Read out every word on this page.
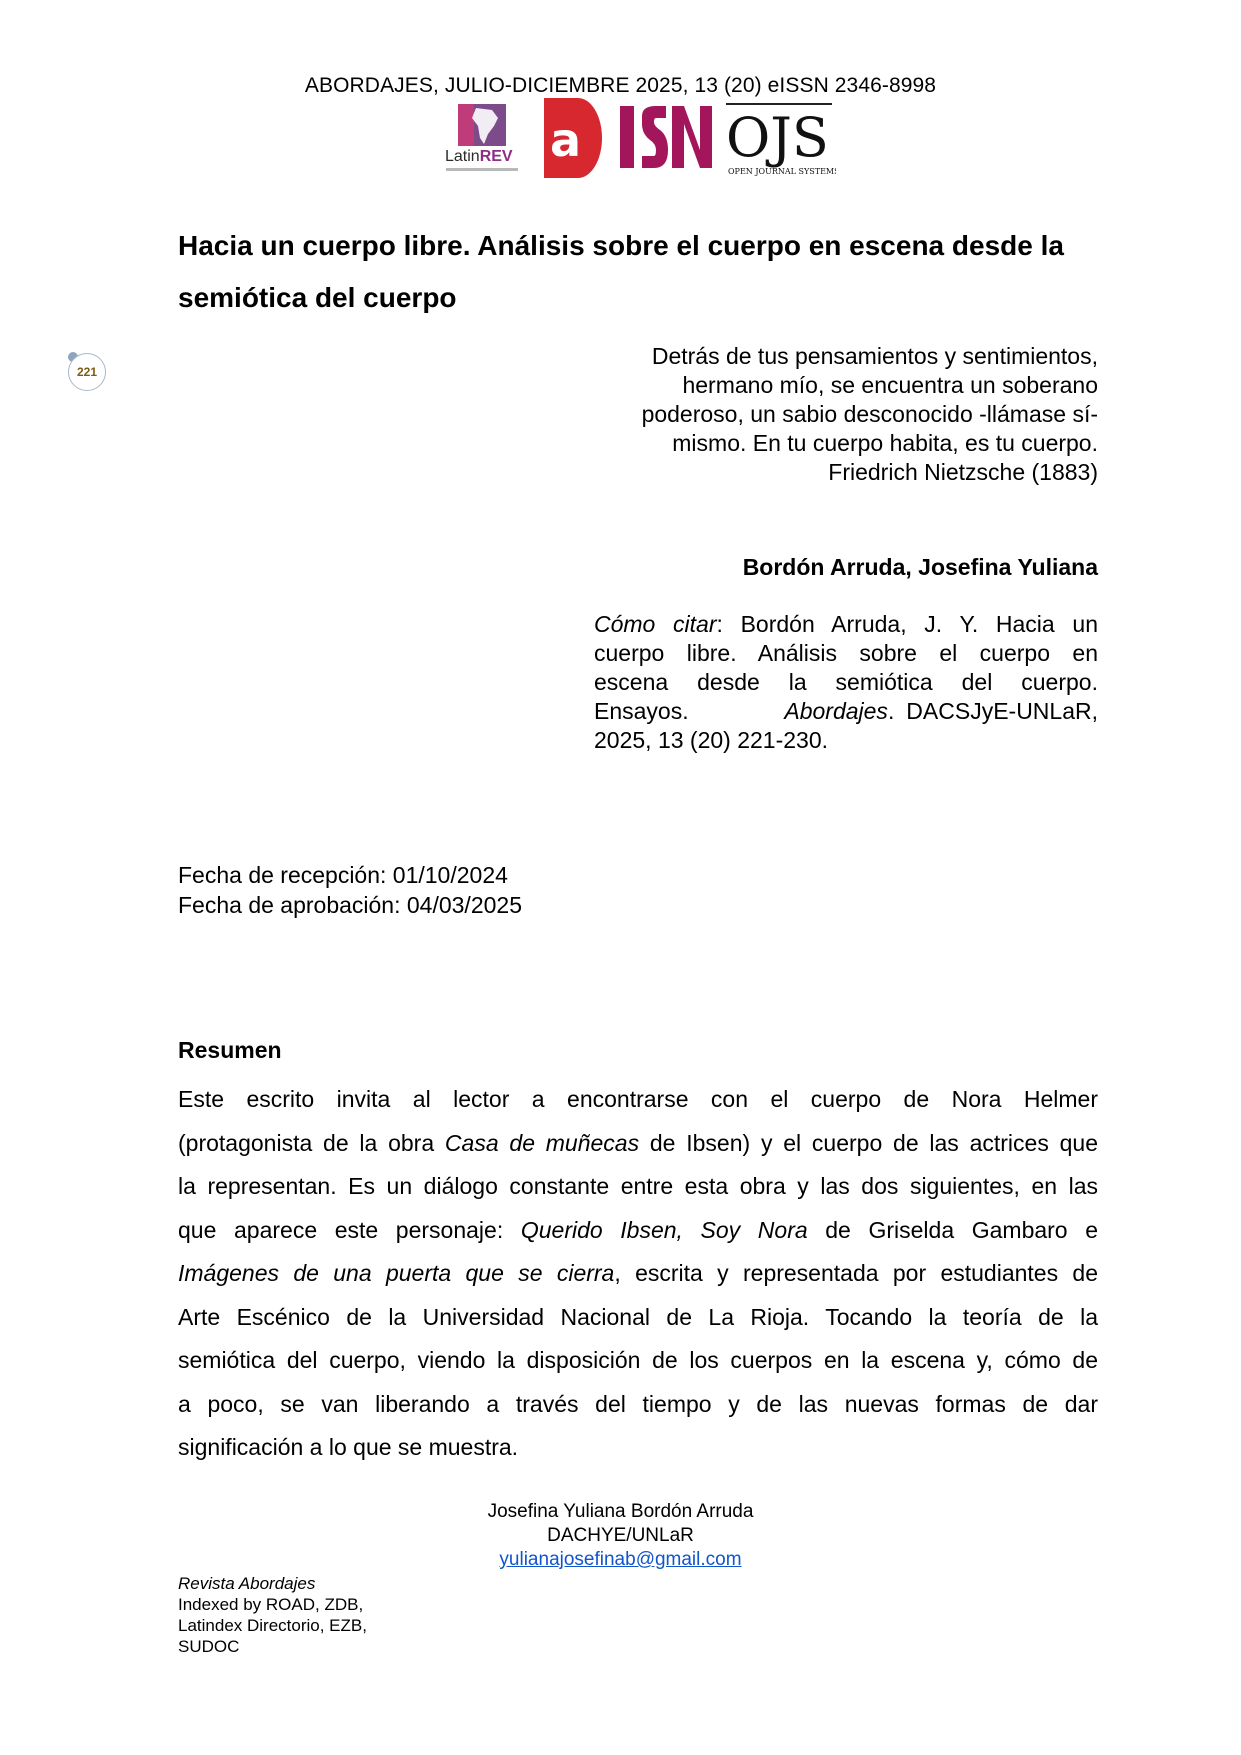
ABORDAJES, JULIO-DICIEMBRE 2025, 13 (20) eISSN 2346-8998
LatinREV a	OJS
OPEN JOURNAL SYSTEMS
Hacia un cuerpo libre. Análisis sobre el cuerpo en escena desde la
semiótica del cuerpo
221
Detrás de tus pensamientos y sentimientos,
hermano mío, se encuentra un soberano
poderoso, un sabio desconocido -llámase sí-
mismo. En tu cuerpo habita, es tu cuerpo.
Friedrich Nietzsche (1883)
Bordón Arruda, Josefina Yuliana
Cómo citar: Bordón Arruda, J. Y. Hacia un
cuerpo libre. Análisis sobre el cuerpo en
escena desde la semiótica del cuerpo.
Ensayos.	Abordajes. DACSJyE-UNLaR,
2025, 13 (20) 221-230.
Fecha de recepción: 01/10/2024
Fecha de aprobación: 04/03/2025
Resumen
Este escrito invita al lector a encontrarse con el cuerpo de Nora Helmer
(protagonista de la obra Casa de muñecas de Ibsen) y el cuerpo de las actrices que
la representan. Es un diálogo constante entre esta obra y las dos siguientes, en las
que aparece este personaje: Querido Ibsen, Soy Nora de Griselda Gambaro e
Imágenes de una puerta que se cierra, escrita y representada por estudiantes de
Arte Escénico de la Universidad Nacional de La Rioja. Tocando la teoría de la
semiótica del cuerpo, viendo la disposición de los cuerpos en la escena y, cómo de
a poco, se van liberando a través del tiempo y de las nuevas formas de dar
significación a lo que se muestra.
Josefina Yuliana Bordón Arruda
DACHYE/UNLaR
yulianajosefinab@gmail.com
Revista Abordajes
Indexed by ROAD, ZDB,
Latindex Directorio, EZB,
SUDOC
